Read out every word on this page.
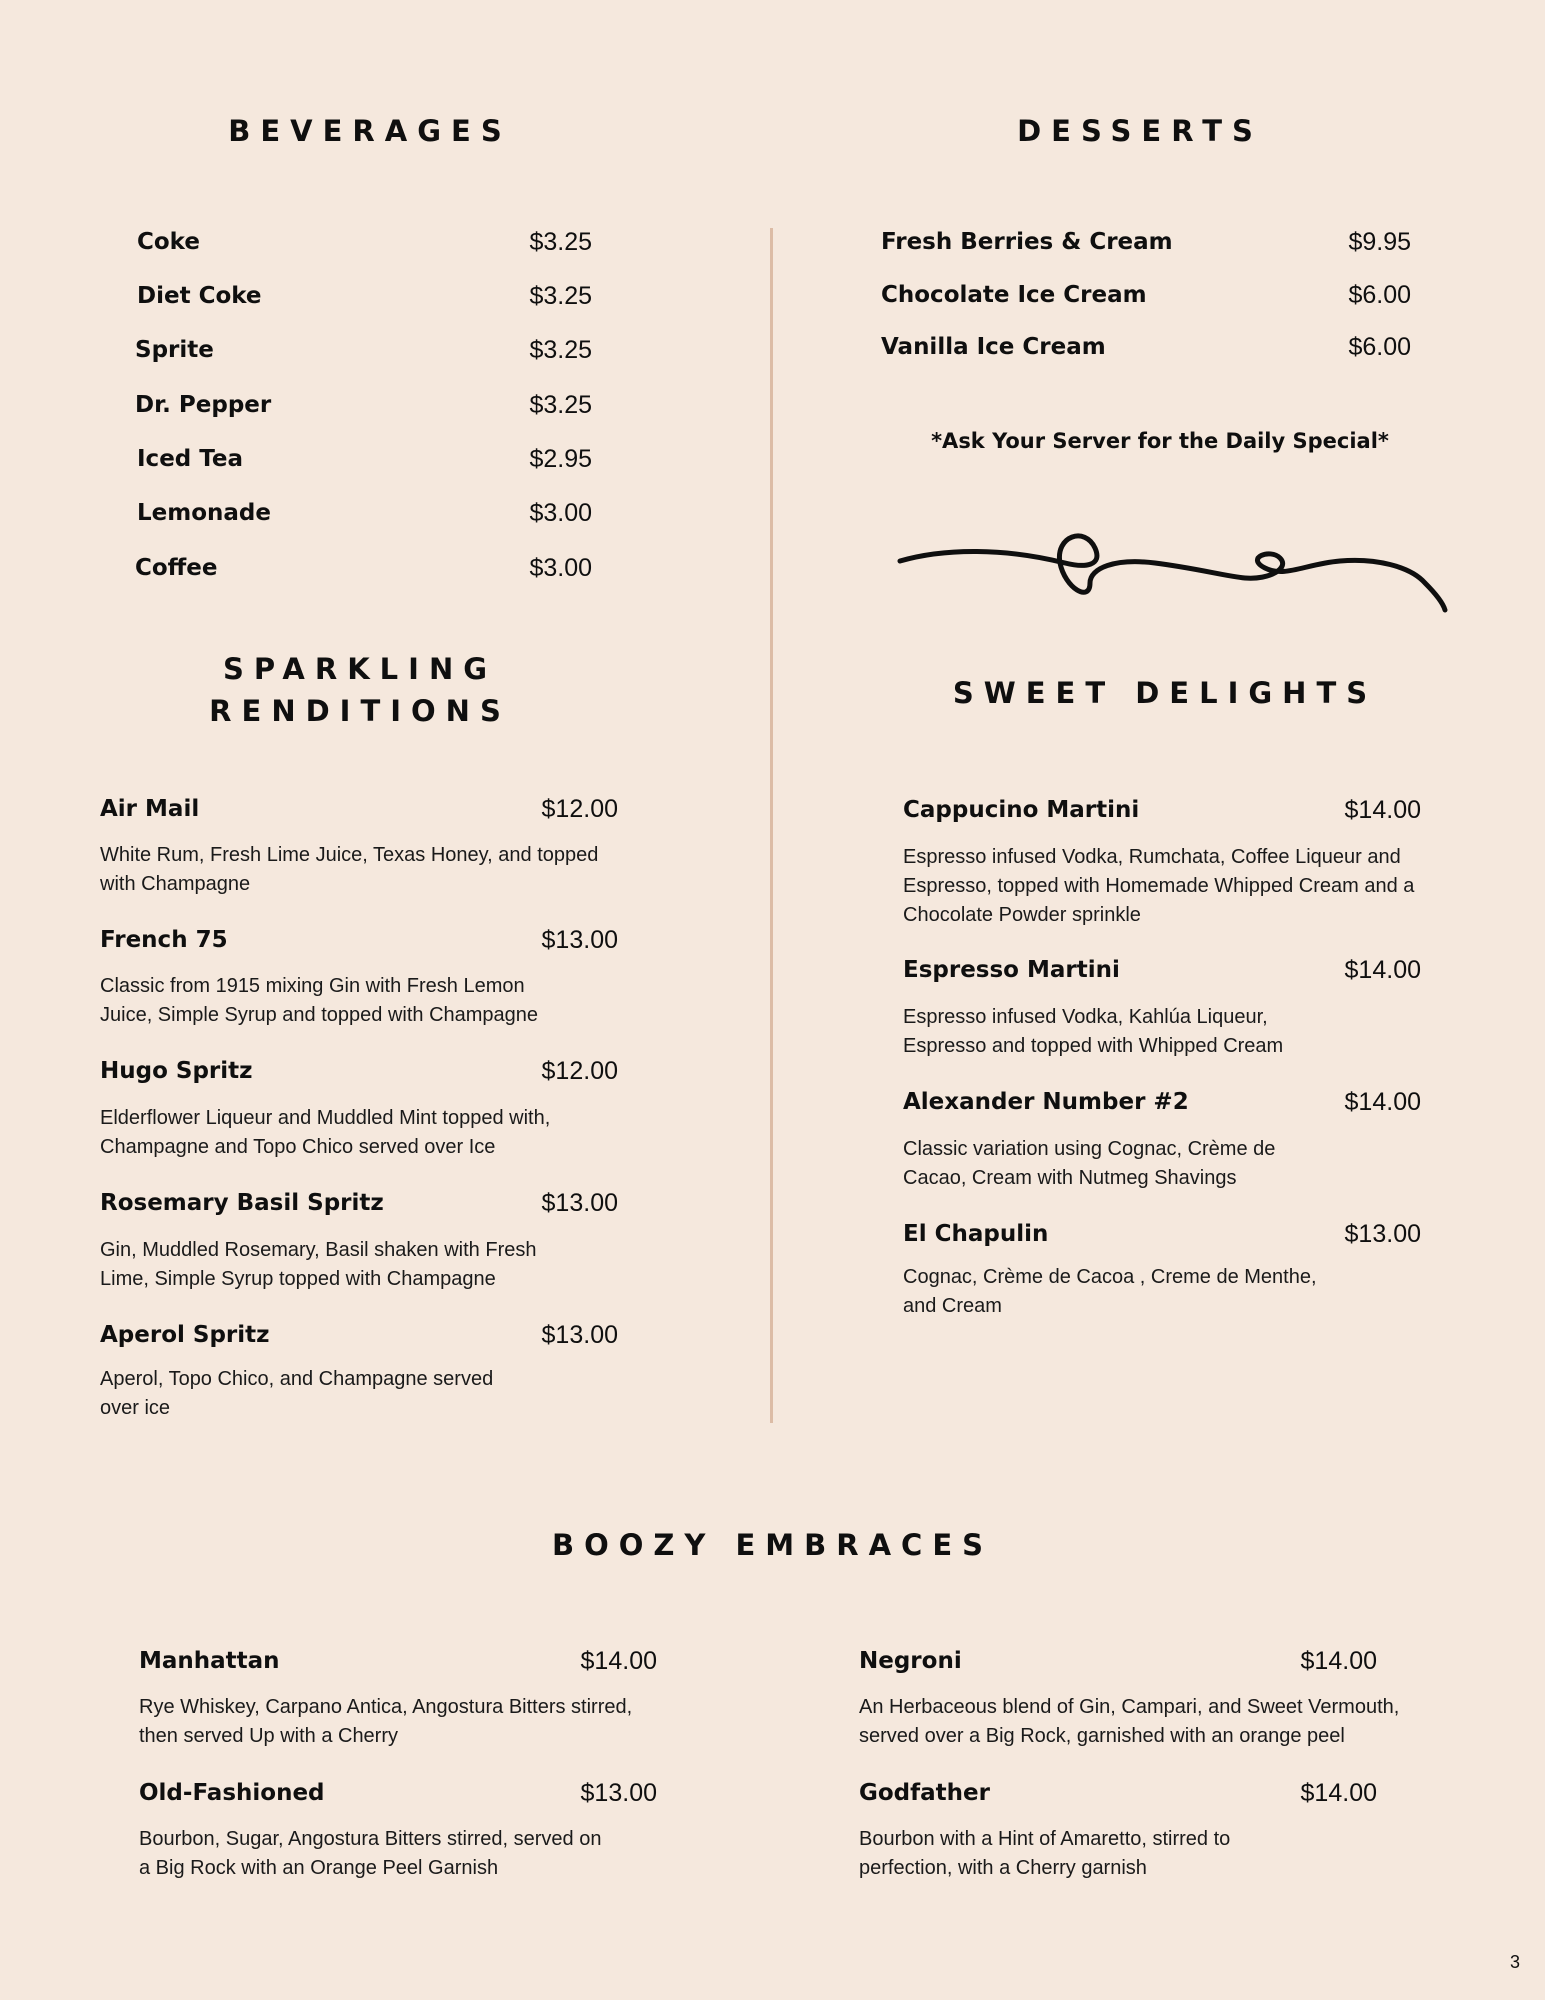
BEVERAGES	DESSERTS
SPARKLING
RENDITIONS
SWEET DELIGHTS
BOOZY EMBRACES
Coke	$3.25
Diet Coke	$3.25
Sprite	$3.25
Dr. Pepper	$3.25
Iced Tea	$2.95
Lemonade	$3.00
Coffee	$3.00
Fresh Berries & Cream	$9.95
Chocolate Ice Cream	$6.00
Vanilla Ice Cream	$6.00
*Ask Your Server for the Daily Special*
Air Mail	$12.00
White Rum, Fresh Lime Juice, Texas Honey, and topped
with Champagne
French 75	$13.00
Classic from 1915 mixing Gin with Fresh Lemon
Juice, Simple Syrup and topped with Champagne
Hugo Spritz	$12.00
Elderflower Liqueur and Muddled Mint topped with,
Champagne and Topo Chico served over Ice
Rosemary Basil Spritz	$13.00
Gin, Muddled Rosemary, Basil shaken with Fresh
Lime, Simple Syrup topped with Champagne
Aperol Spritz	$13.00
Aperol, Topo Chico, and Champagne served
over ice
Cappucino Martini	$14.00
Espresso infused Vodka, Rumchata, Coffee Liqueur and
Espresso, topped with Homemade Whipped Cream and a
Chocolate Powder sprinkle
Espresso Martini	$14.00
Espresso infused Vodka, Kahlúa Liqueur,
Espresso and topped with Whipped Cream
Alexander Number #2	$14.00
Classic variation using Cognac, Crème de
Cacao, Cream with Nutmeg Shavings
El Chapulin	$13.00
Cognac, Crème de Cacoa , Creme de Menthe,
and Cream
Manhattan	$14.00
Rye Whiskey, Carpano Antica, Angostura Bitters stirred,
then served Up with a Cherry
Old-Fashioned	$13.00
Bourbon, Sugar, Angostura Bitters stirred, served on
a Big Rock with an Orange Peel Garnish
Negroni	$14.00
An Herbaceous blend of Gin, Campari, and Sweet Vermouth,
served over a Big Rock, garnished with an orange peel
Godfather	$14.00
Bourbon with a Hint of Amaretto, stirred to
perfection, with a Cherry garnish
3
